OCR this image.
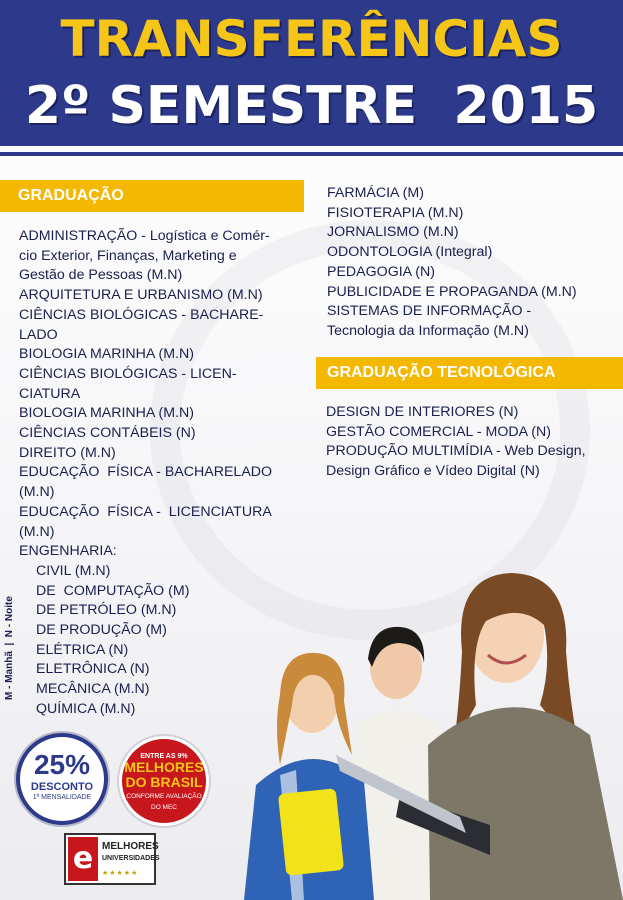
TRANSFERÊNCIAS
2º SEMESTRE  2015
GRADUAÇÃO
ADMINISTRAÇÃO - Logística e Comér-
cio Exterior, Finanças, Marketing e
Gestão de Pessoas (M.N)
ARQUITETURA E URBANISMO (M.N)
CIÊNCIAS BIOLÓGICAS - BACHARE-
LADO
BIOLOGIA MARINHA (M.N)
CIÊNCIAS BIOLÓGICAS - LICEN-
CIATURA
BIOLOGIA MARINHA (M.N)
CIÊNCIAS CONTÁBEIS (N)
DIREITO (M.N)
EDUCAÇÃO  FÍSICA - BACHARELADO
(M.N)
EDUCAÇÃO  FÍSICA -  LICENCIATURA
(M.N)
ENGENHARIA:
CIVIL (M.N)
DE  COMPUTAÇÃO (M)
DE PETRÓLEO (M.N)
DE PRODUÇÃO (M)
ELÉTRICA (N)
ELETRÔNICA (N)
MECÂNICA (M.N)
QUÍMICA (M.N)
M - Manhã  |  N - Noite
FARMÁCIA (M)
FISIOTERAPIA (M.N)
JORNALISMO (M.N)
ODONTOLOGIA (Integral)
PEDAGOGIA (N)
PUBLICIDADE E PROPAGANDA (M.N)
SISTEMAS DE INFORMAÇÃO -
Tecnologia da Informação (M.N)
GRADUAÇÃO TECNOLÓGICA
DESIGN DE INTERIORES (N)
GESTÃO COMERCIAL - MODA (N)
PRODUÇÃO MULTIMÍDIA - Web Design,
Design Gráfico e Vídeo Digital (N)
25%
DESCONTO
1ª MENSALIDADE
ENTRE AS 9%
MELHORES
DO BRASIL
CONFORME AVALIAÇÃO
DO MEC
e MELHORES
UNIVERSIDADES
★★★★★
